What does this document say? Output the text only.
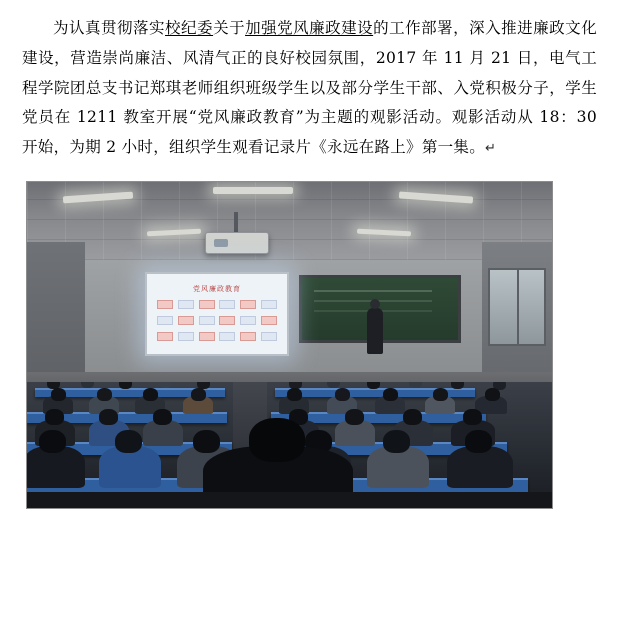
为认真贯彻落实校纪委关于加强党风廉政建设的工作部署，深入推进廉政文化建设，营造崇尚廉洁、风清气正的良好校园氛围，2017 年 11 月 21 日，电气工程学院团总支书记郑琪老师组织班级学生以及部分学生干部、入党积极分子，学生党员在 1211 教室开展“党风廉政教育”为主题的观影活动。观影活动从 18：30 开始，为期 2 小时，组织学生观看记录片《永远在路上》第一集。↵

党风廉政教育
